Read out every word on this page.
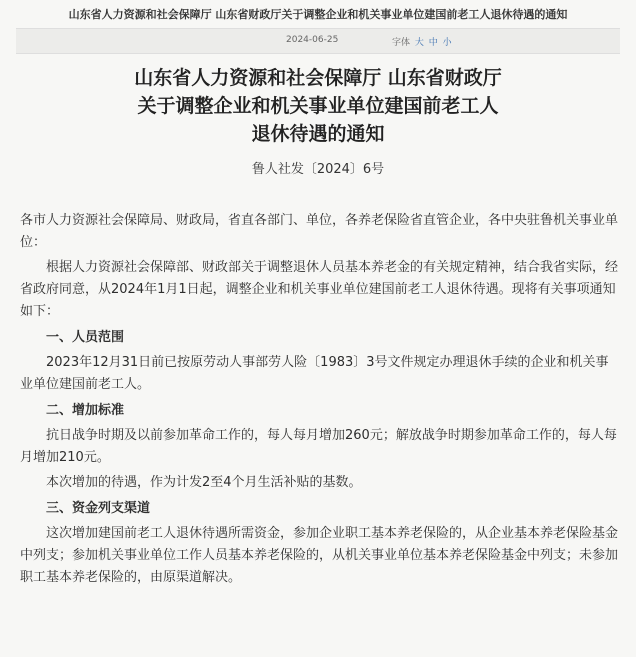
山东省人力资源和社会保障厅 山东省财政厅关于调整企业和机关事业单位建国前老工人退休待遇的通知
2024-06-25	字体 大 中 小
山东省人力资源和社会保障厅 山东省财政厅
关于调整企业和机关事业单位建国前老工人
退休待遇的通知
鲁人社发〔2024〕6号

各市人力资源社会保障局、财政局，省直各部门、单位，各养老保险省直管企业，各中央驻鲁机关事业单位：

根据人力资源社会保障部、财政部关于调整退休人员基本养老金的有关规定精神，结合我省实际，经省政府同意，从2024年1月1日起，调整企业和机关事业单位建国前老工人退休待遇。现将有关事项通知如下：

一、人员范围

2023年12月31日前已按原劳动人事部劳人险〔1983〕3号文件规定办理退休手续的企业和机关事业单位建国前老工人。

二、增加标准

抗日战争时期及以前参加革命工作的，每人每月增加260元；解放战争时期参加革命工作的，每人每月增加210元。

本次增加的待遇，作为计发2至4个月生活补贴的基数。

三、资金列支渠道

这次增加建国前老工人退休待遇所需资金，参加企业职工基本养老保险的，从企业基本养老保险基金中列支；参加机关事业单位工作人员基本养老保险的，从机关事业单位基本养老保险基金中列支；未参加职工基本养老保险的，由原渠道解决。
